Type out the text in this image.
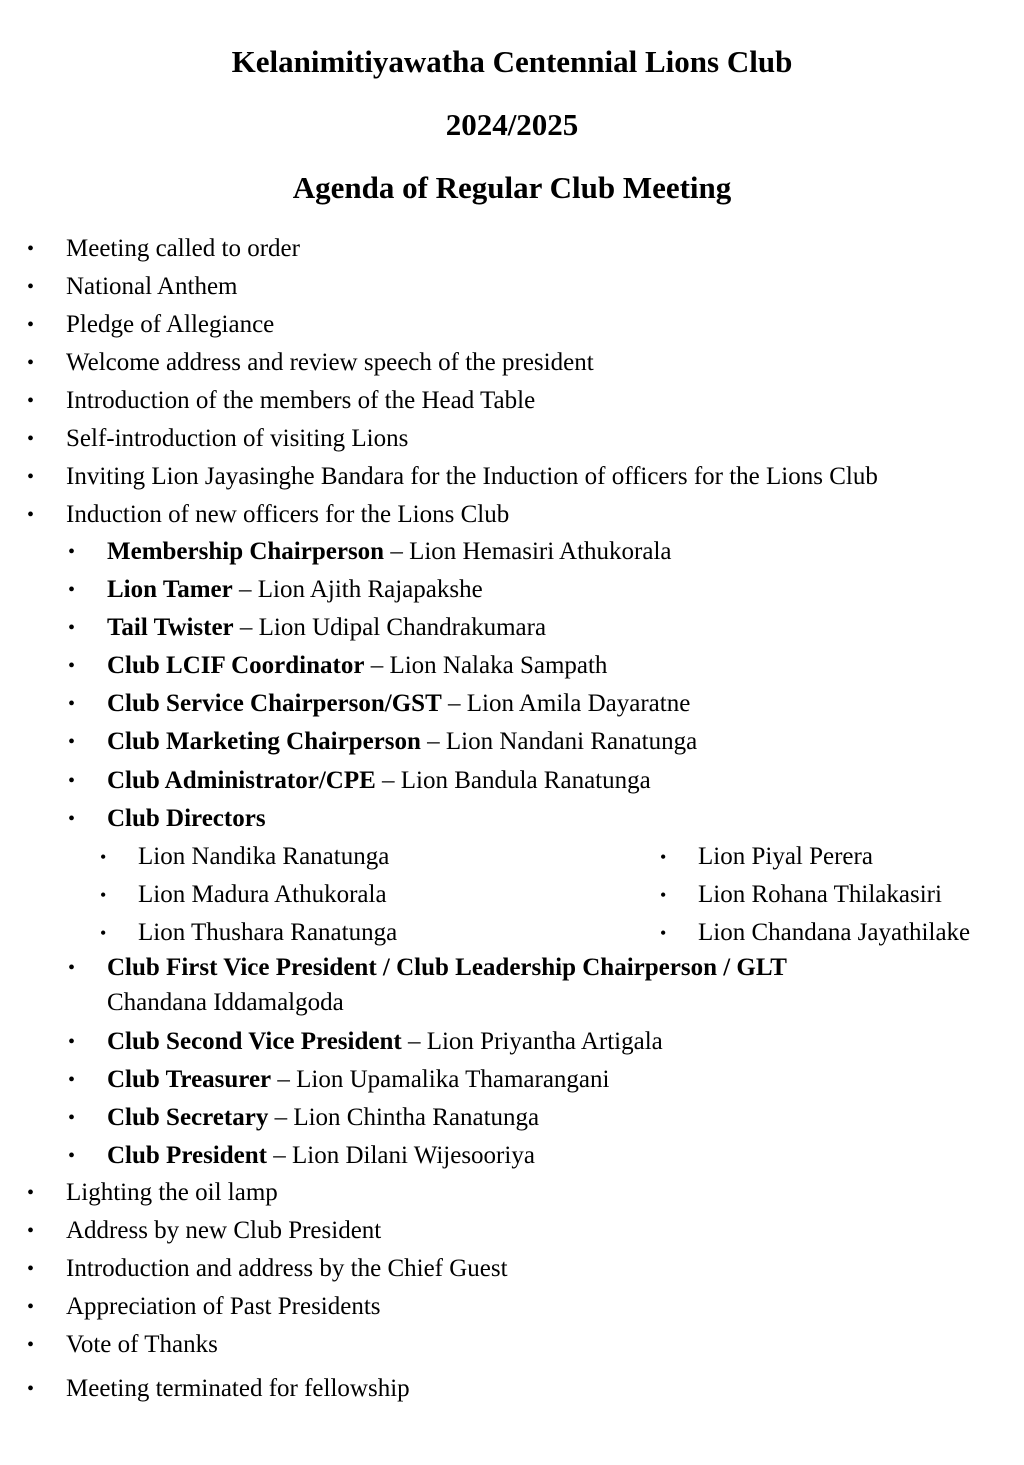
Kelanimitiyawatha Centennial Lions Club
2024/2025
Agenda of Regular Club Meeting
• Meeting called to order
• National Anthem
• Pledge of Allegiance
• Welcome address and review speech of the president
• Introduction of the members of the Head Table
• Self-introduction of visiting Lions
• Inviting Lion Jayasinghe Bandara for the Induction of officers for the Lions Club
• Induction of new officers for the Lions Club
• Membership Chairperson – Lion Hemasiri Athukorala
• Lion Tamer – Lion Ajith Rajapakshe
• Tail Twister – Lion Udipal Chandrakumara
• Club LCIF Coordinator – Lion Nalaka Sampath
• Club Service Chairperson/GST – Lion Amila Dayaratne
• Club Marketing Chairperson – Lion Nandani Ranatunga
• Club Administrator/CPE – Lion Bandula Ranatunga
• Club Directors
• Lion Nandika Ranatunga
• Lion Madura Athukorala
• Lion Thushara Ranatunga
• Lion Piyal Perera
• Lion Rohana Thilakasiri
• Lion Chandana Jayathilake
• Club First Vice President / Club Leadership Chairperson / GLT
Chandana Iddamalgoda
• Club Second Vice President – Lion Priyantha Artigala
• Club Treasurer – Lion Upamalika Thamarangani
• Club Secretary – Lion Chintha Ranatunga
• Club President – Lion Dilani Wijesooriya
• Lighting the oil lamp
• Address by new Club President
• Introduction and address by the Chief Guest
• Appreciation of Past Presidents
• Vote of Thanks
• Meeting terminated for fellowship
